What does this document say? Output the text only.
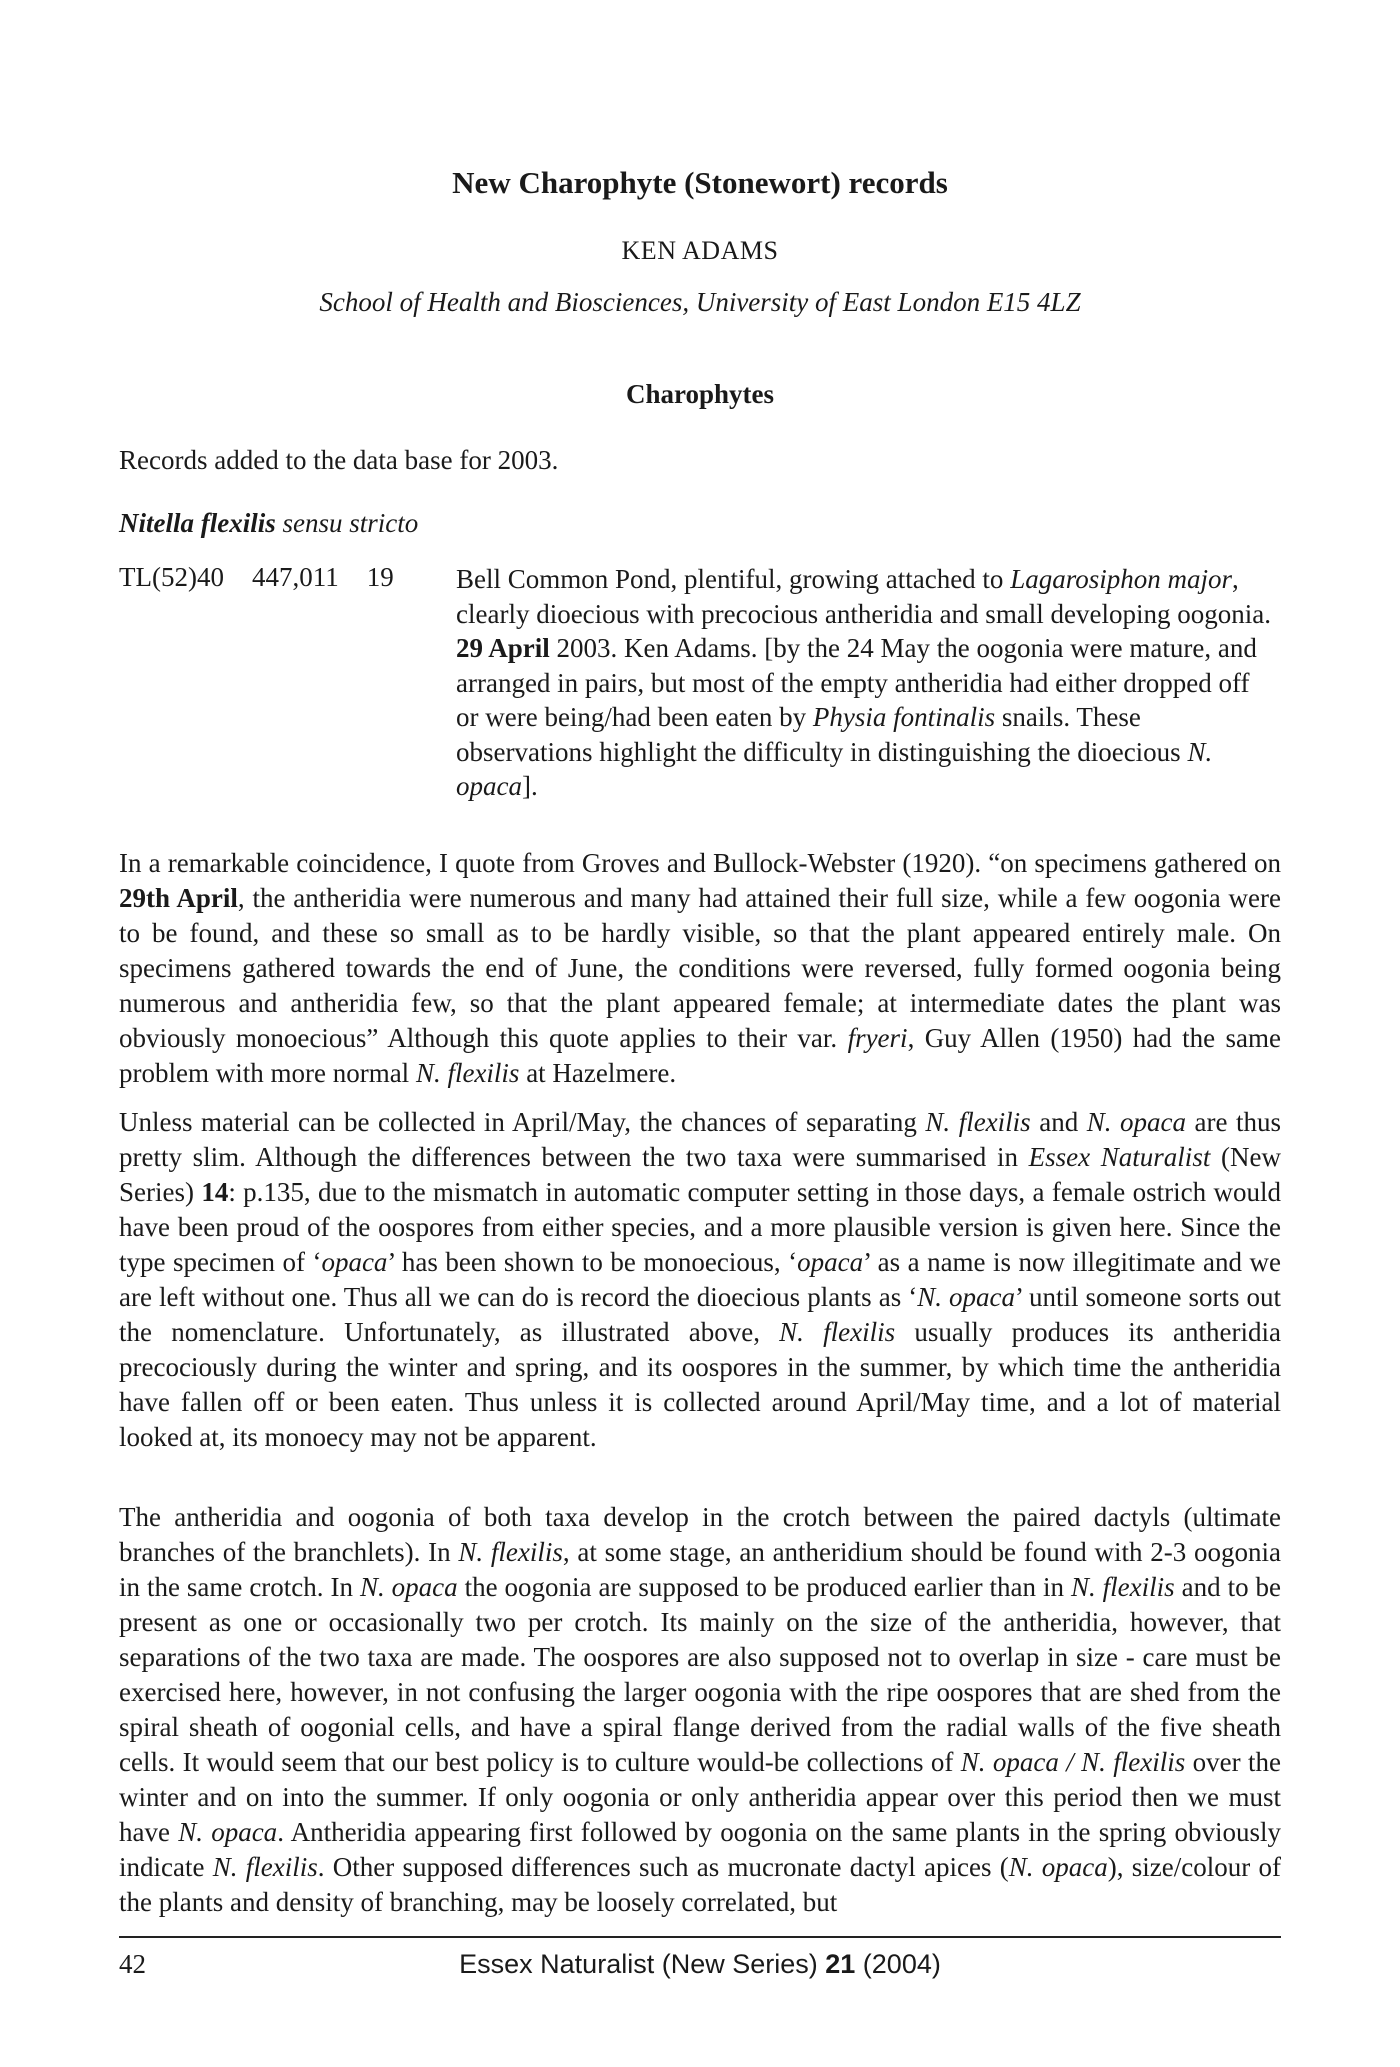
New Charophyte (Stonewort) records
KEN ADAMS
School of Health and Biosciences, University of East London E15 4LZ
Charophytes
Records added to the data base for 2003.
Nitella flexilis sensu stricto
TL(52)40 447,011 19	Bell Common Pond, plentiful, growing attached to Lagarosiphon major, clearly dioecious with precocious antheridia and small developing oogonia. 29 April 2003. Ken Adams. [by the 24 May the oogonia were mature, and arranged in pairs, but most of the empty antheridia had either dropped off or were being/had been eaten by Physia fontinalis snails. These observations highlight the difficulty in distinguishing the dioecious N. opaca].
In a remarkable coincidence, I quote from Groves and Bullock-Webster (1920). “on specimens gathered on 29th April, the antheridia were numerous and many had attained their full size, while a few oogonia were to be found, and these so small as to be hardly visible, so that the plant appeared entirely male. On specimens gathered towards the end of June, the conditions were reversed, fully formed oogonia being numerous and antheridia few, so that the plant appeared female; at intermediate dates the plant was obviously monoecious” Although this quote applies to their var. fryeri, Guy Allen (1950) had the same problem with more normal N. flexilis at Hazelmere.
Unless material can be collected in April/May, the chances of separating N. flexilis and N. opaca are thus pretty slim. Although the differences between the two taxa were summarised in Essex Naturalist (New Series) 14: p.135, due to the mismatch in automatic computer setting in those days, a female ostrich would have been proud of the oospores from either species, and a more plausible version is given here. Since the type specimen of ‘opaca’ has been shown to be monoecious, ‘opaca’ as a name is now illegitimate and we are left without one. Thus all we can do is record the dioecious plants as ‘N. opaca’ until someone sorts out the nomenclature. Unfortunately, as illustrated above, N. flexilis usually produces its antheridia precociously during the winter and spring, and its oospores in the summer, by which time the antheridia have fallen off or been eaten. Thus unless it is collected around April/May time, and a lot of material looked at, its monoecy may not be apparent.
The antheridia and oogonia of both taxa develop in the crotch between the paired dactyls (ultimate branches of the branchlets). In N. flexilis, at some stage, an antheridium should be found with 2-3 oogonia in the same crotch. In N. opaca the oogonia are supposed to be produced earlier than in N. flexilis and to be present as one or occasionally two per crotch. Its mainly on the size of the antheridia, however, that separations of the two taxa are made. The oospores are also supposed not to overlap in size - care must be exercised here, however, in not confusing the larger oogonia with the ripe oospores that are shed from the spiral sheath of oogonial cells, and have a spiral flange derived from the radial walls of the five sheath cells. It would seem that our best policy is to culture would-be collections of N. opaca / N. flexilis over the winter and on into the summer. If only oogonia or only antheridia appear over this period then we must have N. opaca. Antheridia appearing first followed by oogonia on the same plants in the spring obviously indicate N. flexilis. Other supposed differences such as mucronate dactyl apices (N. opaca), size/colour of the plants and density of branching, may be loosely correlated, but
42	Essex Naturalist (New Series) 21 (2004)
